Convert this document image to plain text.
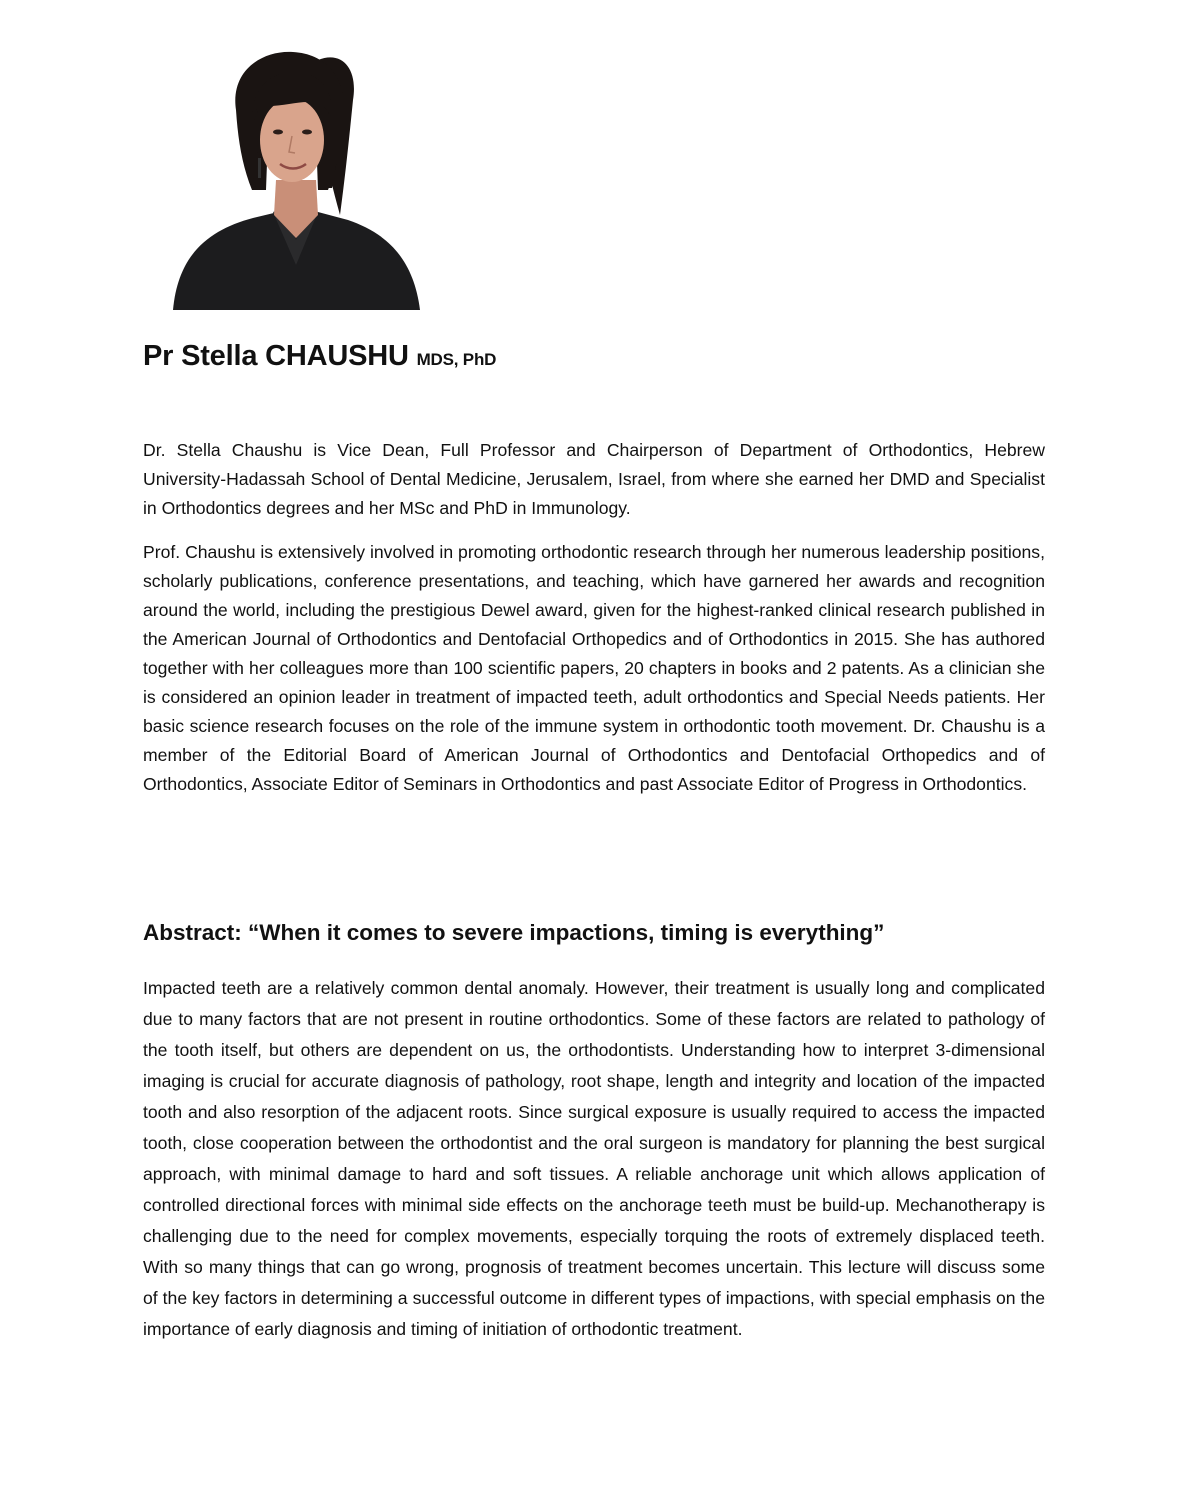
Pr Stella CHAUSHU MDS, PhD

Dr. Stella Chaushu is Vice Dean, Full Professor and Chairperson of Department of Orthodontics, Hebrew University-Hadassah School of Dental Medicine, Jerusalem, Israel, from where she earned her DMD and Specialist in Orthodontics degrees and her MSc and PhD in Immunology.

Prof. Chaushu is extensively involved in promoting orthodontic research through her numerous leadership positions, scholarly publications, conference presentations, and teaching, which have garnered her awards and recognition around the world, including the prestigious Dewel award, given for the highest-ranked clinical research published in the American Journal of Orthodontics and Dentofacial Orthopedics and of Orthodontics in 2015. She has authored together with her colleagues more than 100 scientific papers, 20 chapters in books and 2 patents. As a clinician she is considered an opinion leader in treatment of impacted teeth, adult orthodontics and Special Needs patients. Her basic science research focuses on the role of the immune system in orthodontic tooth movement. Dr. Chaushu is a member of the Editorial Board of American Journal of Orthodontics and Dentofacial Orthopedics and of Orthodontics, Associate Editor of Seminars in Orthodontics and past Associate Editor of Progress in Orthodontics.

Abstract: “When it comes to severe impactions, timing is everything”

Impacted teeth are a relatively common dental anomaly. However, their treatment is usually long and complicated due to many factors that are not present in routine orthodontics. Some of these factors are related to pathology of the tooth itself, but others are dependent on us, the orthodontists. Understanding how to interpret 3-dimensional imaging is crucial for accurate diagnosis of pathology, root shape, length and integrity and location of the impacted tooth and also resorption of the adjacent roots. Since surgical exposure is usually required to access the impacted tooth, close cooperation between the orthodontist and the oral surgeon is mandatory for planning the best surgical approach, with minimal damage to hard and soft tissues. A reliable anchorage unit which allows application of controlled directional forces with minimal side effects on the anchorage teeth must be build-up. Mechanotherapy is challenging due to the need for complex movements, especially torquing the roots of extremely displaced teeth. With so many things that can go wrong, prognosis of treatment becomes uncertain. This lecture will discuss some of the key factors in determining a successful outcome in different types of impactions, with special emphasis on the importance of early diagnosis and timing of initiation of orthodontic treatment.
